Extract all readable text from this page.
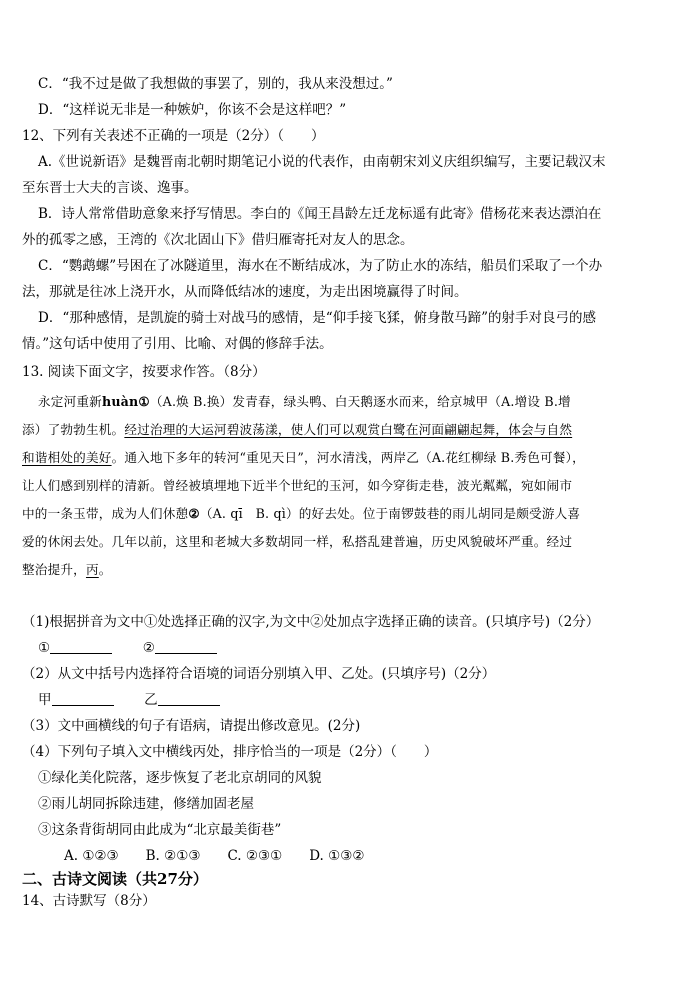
C．“我不过是做了我想做的事罢了，别的，我从来没想过。”
D．“这样说无非是一种嫉妒，你该不会是这样吧？”
12、下列有关表述不正确的一项是（2分）（　　）
A.《世说新语》是魏晋南北朝时期笔记小说的代表作，由南朝宋刘义庆组织编写，主要记载汉末
至东晋士大夫的言谈、逸事。
B．诗人常常借助意象来抒写情思。李白的《闻王昌龄左迁龙标遥有此寄》借杨花来表达漂泊在
外的孤零之感，王湾的《次北固山下》借归雁寄托对友人的思念。
C．“鹦鹉螺”号困在了冰隧道里，海水在不断结成冰，为了防止水的冻结，船员们采取了一个办
法，那就是往冰上浇开水，从而降低结冰的速度，为走出困境赢得了时间。
D．“那种感情，是凯旋的骑士对战马的感情，是“仰手接飞猱，俯身散马蹄”的射手对良弓的感
情。”这句话中使用了引用、比喻、对偶的修辞手法。
13. 阅读下面文字，按要求作答。（8分）
永定河重新huàn①（A.焕 B.换）发青春，绿头鸭、白天鹅逐水而来，给京城甲（A.增设 B.增
添）了勃勃生机。经过治理的大运河碧波荡漾，使人们可以观赏白鹭在河面翩翩起舞，体会与自然
和谐相处的美好。通入地下多年的转河“重见天日”，河水清浅，两岸乙（A.花红柳绿 B.秀色可餐），
让人们感到别样的清新。曾经被填埋地下近半个世纪的玉河，如今穿街走巷，波光粼粼，宛如闹市
中的一条玉带，成为人们休憩②（A. qī　B. qì）的好去处。位于南锣鼓巷的雨儿胡同是颇受游人喜
爱的休闲去处。几年以前，这里和老城大多数胡同一样，私搭乱建普遍，历史风貌破坏严重。经过
整治提升，丙。
（1)根据拼音为文中①处选择正确的汉字,为文中②处加点字选择正确的读音。(只填序号)（2分）
①	②
（2）从文中括号内选择符合语境的词语分别填入甲、乙处。(只填序号)（2分）
甲	乙
（3）文中画横线的句子有语病，请提出修改意见。(2分)
（4）下列句子填入文中横线丙处，排序恰当的一项是（2分）（　　）
①绿化美化院落，逐步恢复了老北京胡同的风貌
②雨儿胡同拆除违建，修缮加固老屋
③这条背街胡同由此成为“北京最美街巷”
A. ①②③　　B. ②①③　　C. ②③①　　D. ①③②
二、古诗文阅读（共27分）
14、古诗默写（8分）
